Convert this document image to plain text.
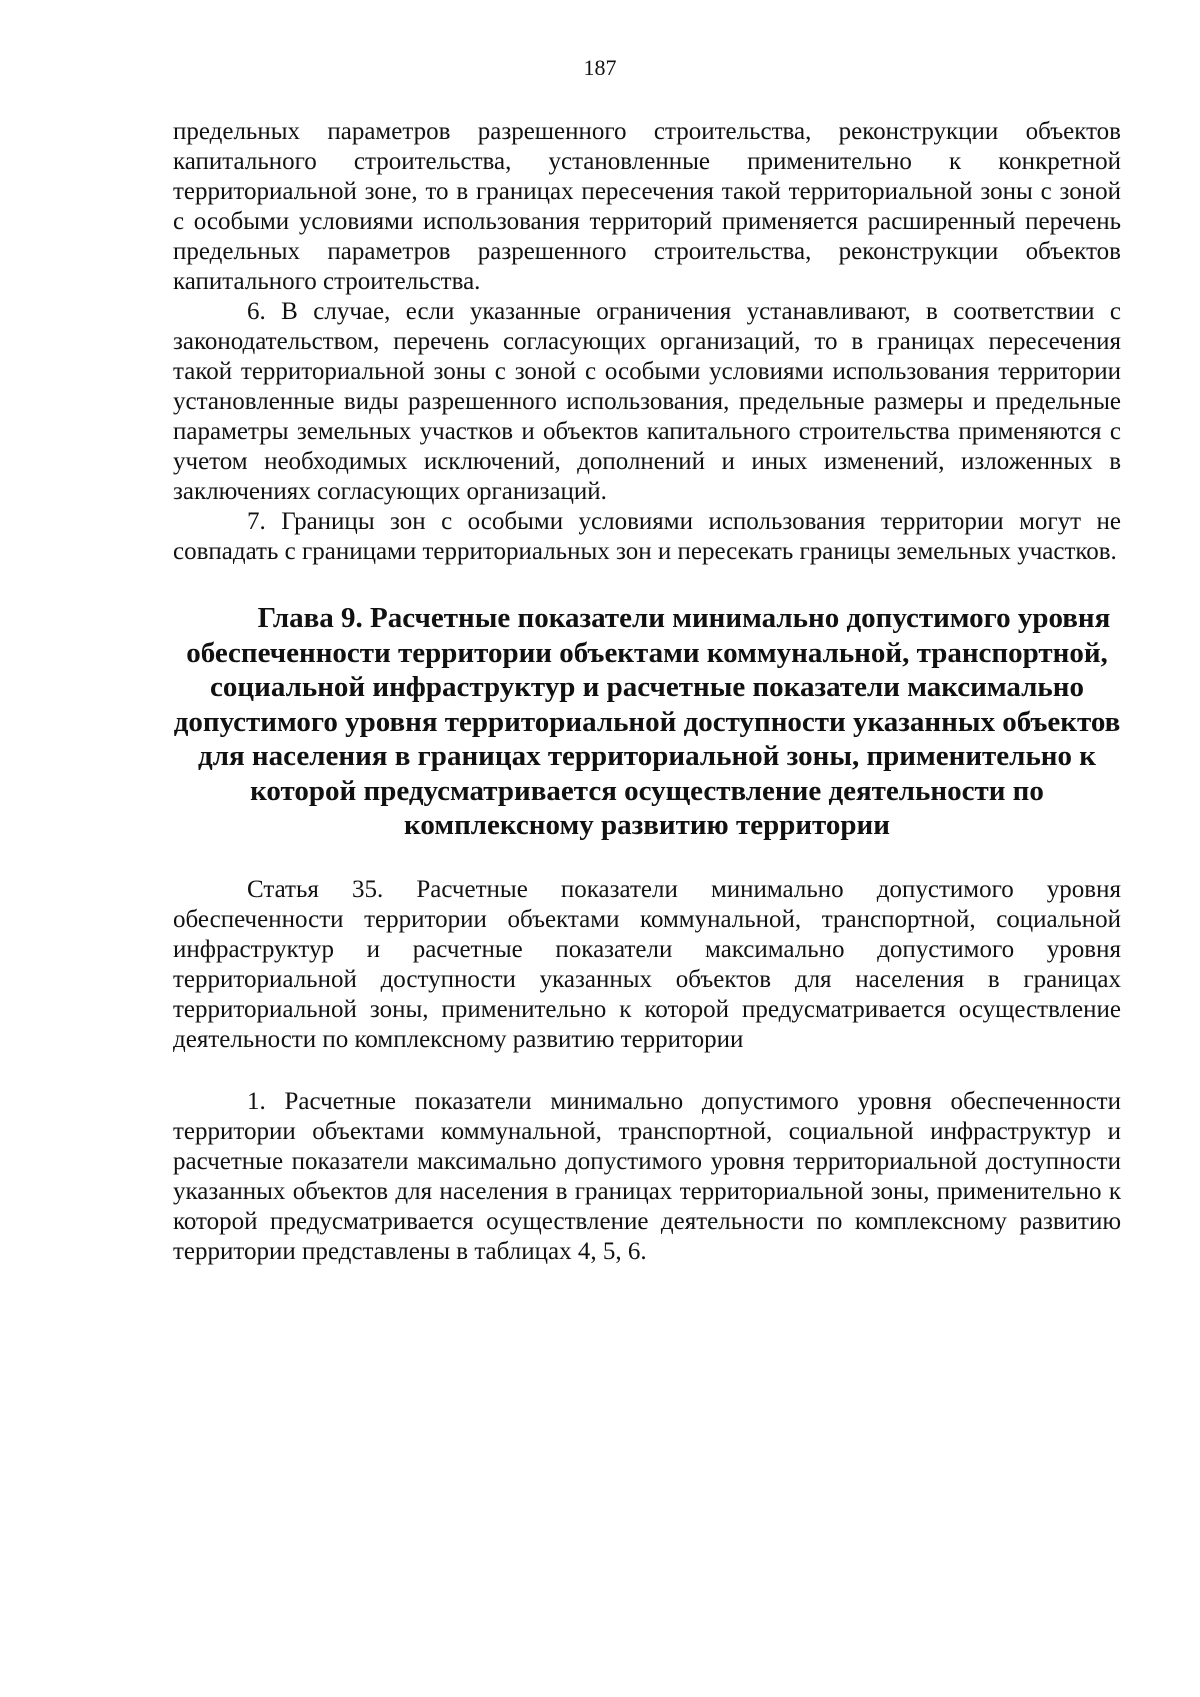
187

предельных параметров разрешенного строительства, реконструкции объектов капитального строительства, установленные применительно к конкретной территориальной зоне, то в границах пересечения такой территориальной зоны с зоной с особыми условиями использования территорий применяется расширенный перечень предельных параметров разрешенного строительства, реконструкции объектов капитального строительства.

6. В случае, если указанные ограничения устанавливают, в соответствии с законодательством, перечень согласующих организаций, то в границах пересечения такой территориальной зоны с зоной с особыми условиями использования территории установленные виды разрешенного использования, предельные размеры и предельные параметры земельных участков и объектов капитального строительства применяются с учетом необходимых исключений, дополнений и иных изменений, изложенных в заключениях согласующих организаций.

7. Границы зон с особыми условиями использования территории могут не совпадать с границами территориальных зон и пересекать границы земельных участков.

Глава 9. Расчетные показатели минимально допустимого уровня обеспеченности территории объектами коммунальной, транспортной, социальной инфраструктур и расчетные показатели максимально допустимого уровня территориальной доступности указанных объектов для населения в границах территориальной зоны, применительно к которой предусматривается осуществление деятельности по комплексному развитию территории

Статья 35. Расчетные показатели минимально допустимого уровня обеспеченности территории объектами коммунальной, транспортной, социальной инфраструктур и расчетные показатели максимально допустимого уровня территориальной доступности указанных объектов для населения в границах территориальной зоны, применительно к которой предусматривается осуществление деятельности по комплексному развитию территории

1. Расчетные показатели минимально допустимого уровня обеспеченности территории объектами коммунальной, транспортной, социальной инфраструктур и расчетные показатели максимально допустимого уровня территориальной доступности указанных объектов для населения в границах территориальной зоны, применительно к которой предусматривается осуществление деятельности по комплексному развитию территории представлены в таблицах 4, 5, 6.
